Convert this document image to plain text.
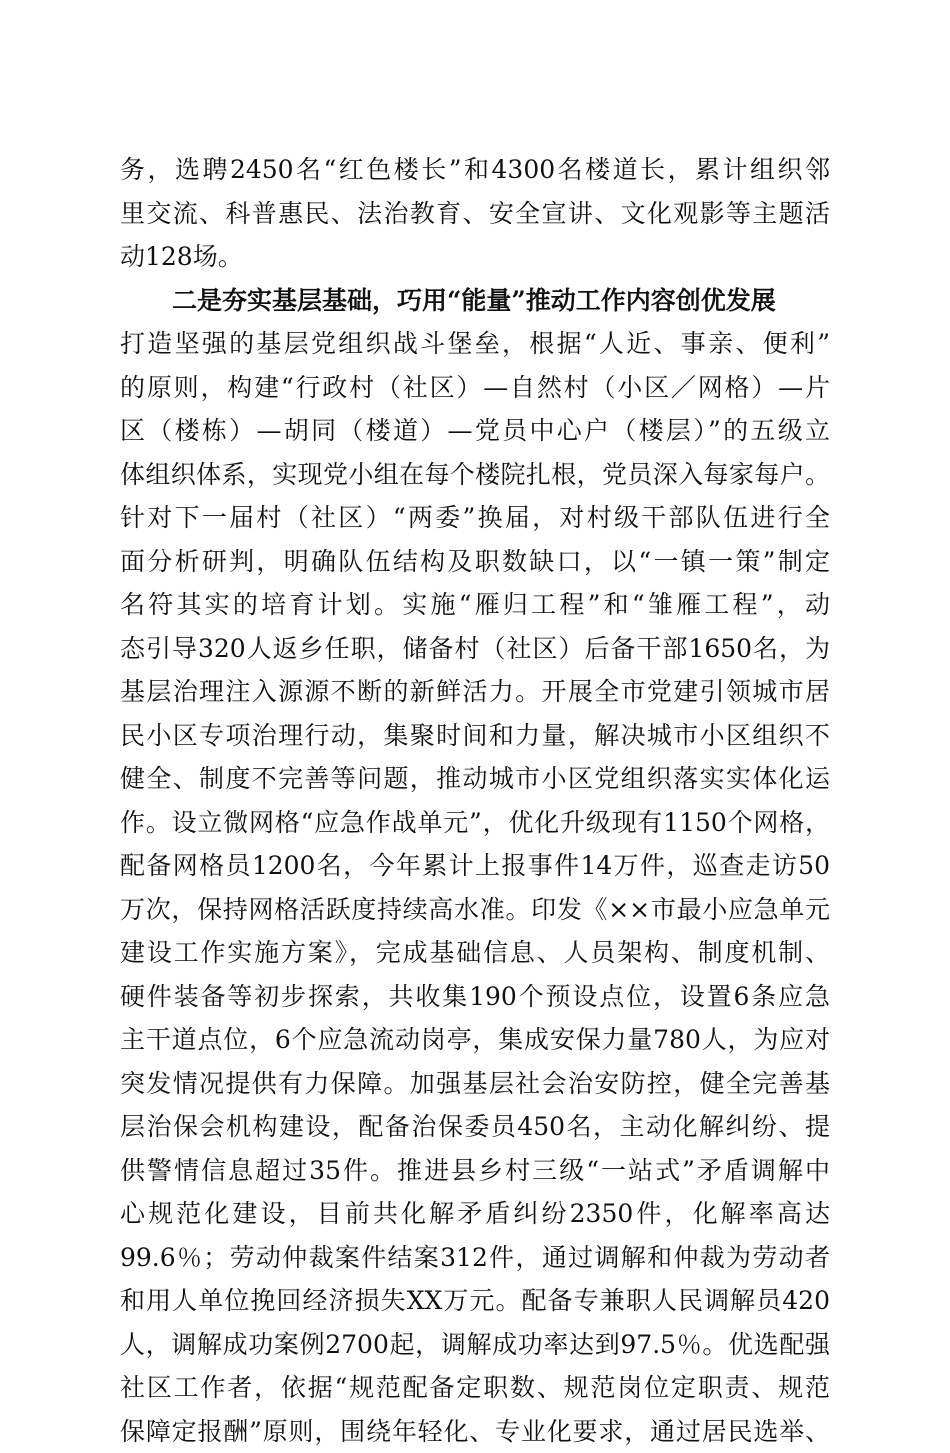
务，选聘2450名“红色楼长”和4300名楼道长，累计组织邻
里交流、科普惠民、法治教育、安全宣讲、文化观影等主题活
动128场。
二是夯实基层基础，巧用“能量”推动工作内容创优发展
打造坚强的基层党组织战斗堡垒，根据“人近、事亲、便利”
的原则，构建“行政村（社区）—自然村（小区／网格）—片
区（楼栋）—胡同（楼道）—党员中心户（楼层）”的五级立
体组织体系，实现党小组在每个楼院扎根，党员深入每家每户。
针对下一届村（社区）“两委”换届，对村级干部队伍进行全
面分析研判，明确队伍结构及职数缺口，以“一镇一策”制定
名符其实的培育计划。实施“雁归工程”和“雏雁工程”，动
态引导320人返乡任职，储备村（社区）后备干部1650名，为
基层治理注入源源不断的新鲜活力。开展全市党建引领城市居
民小区专项治理行动，集聚时间和力量，解决城市小区组织不
健全、制度不完善等问题，推动城市小区党组织落实实体化运
作。设立微网格“应急作战单元”，优化升级现有1150个网格，
配备网格员1200名，今年累计上报事件14万件，巡查走访50
万次，保持网格活跃度持续高水准。印发《××市最小应急单元
建设工作实施方案》，完成基础信息、人员架构、制度机制、
硬件装备等初步探索，共收集190个预设点位，设置6条应急
主干道点位，6个应急流动岗亭，集成安保力量780人，为应对
突发情况提供有力保障。加强基层社会治安防控，健全完善基
层治保会机构建设，配备治保委员450名，主动化解纠纷、提
供警情信息超过35件。推进县乡村三级“一站式”矛盾调解中
心规范化建设，目前共化解矛盾纠纷2350件，化解率高达
99.6％；劳动仲裁案件结案312件，通过调解和仲裁为劳动者
和用人单位挽回经济损失XX万元。配备专兼职人民调解员420
人，调解成功案例2700起，调解成功率达到97.5％。优选配强
社区工作者，依据“规范配备定职数、规范岗位定职责、规范
保障定报酬”原则，围绕年轻化、专业化要求，通过居民选举、
